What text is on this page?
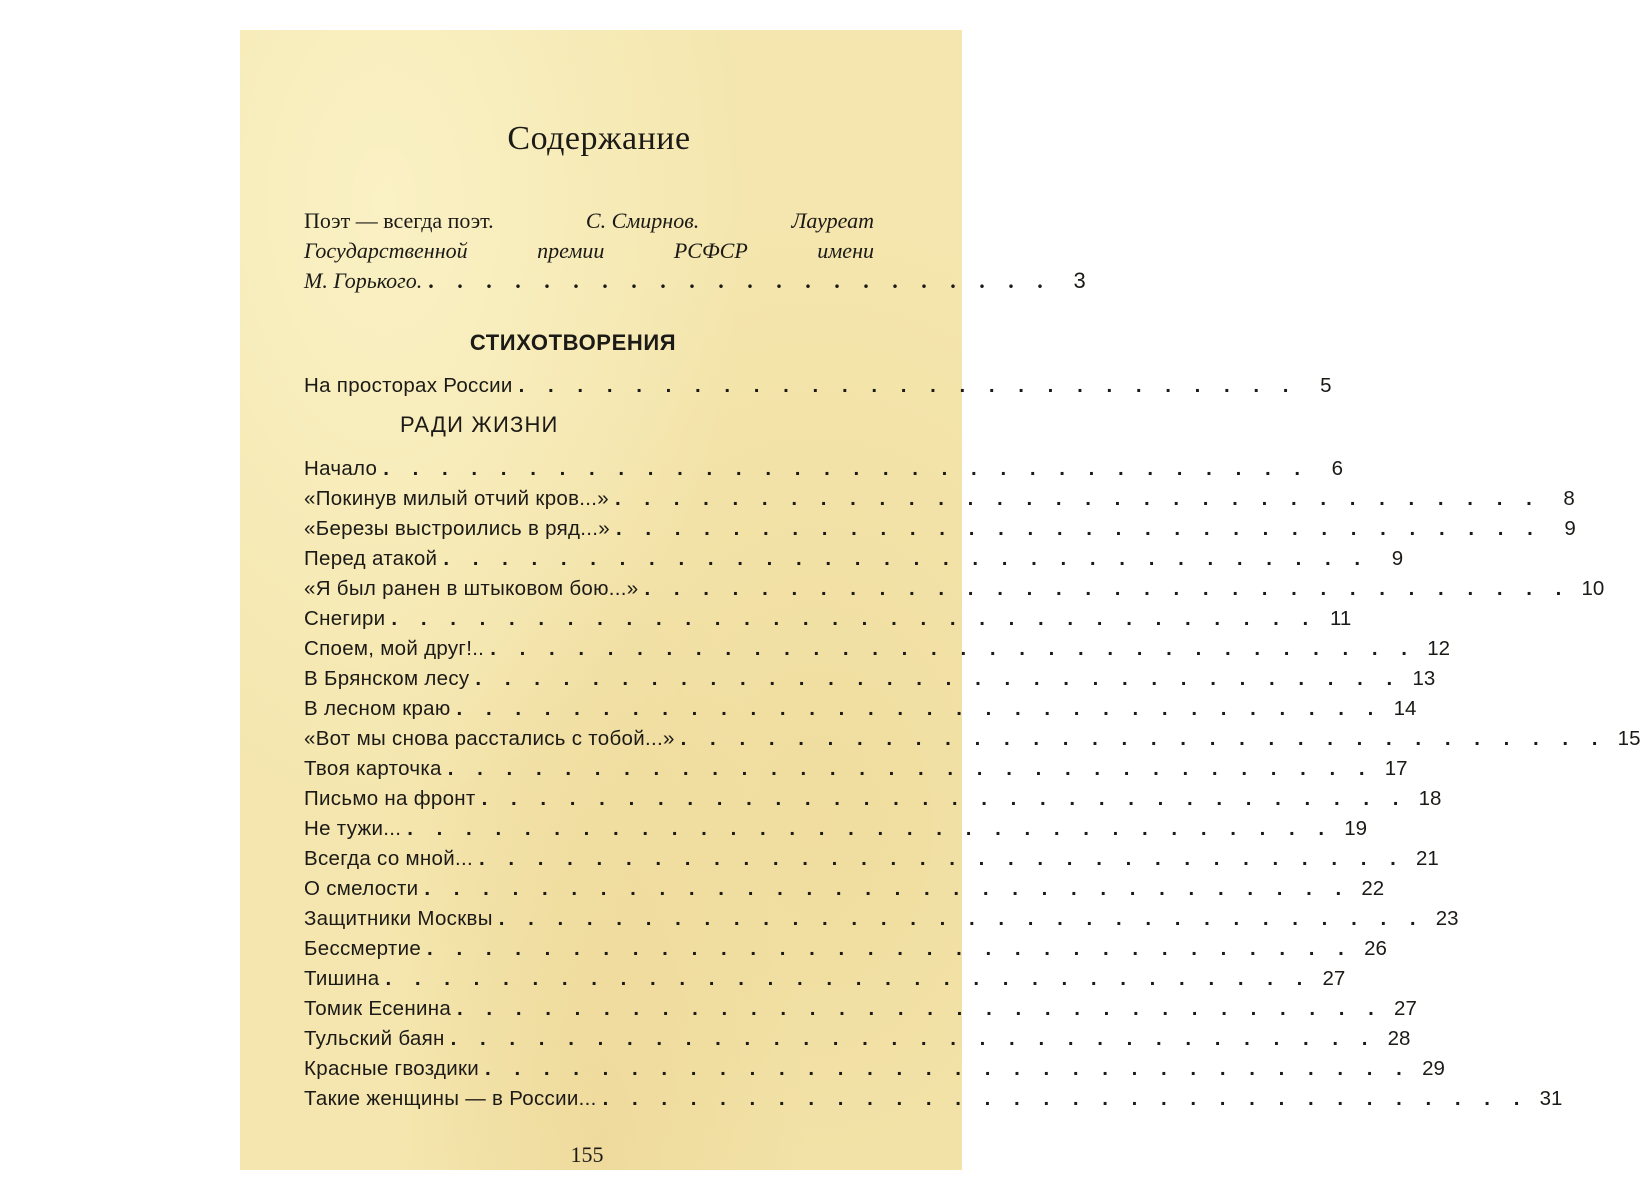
Содержание
Поэт — всегда поэт.	С. Смирнов.	Лауреат
Государственной	премии	РСФСР	имени
М. Горького. . . . . . . . . . . . . . . . . . . . . . . 3
СТИХОТВОРЕНИЯ
На просторах России . . . . . . . . . . . . . . . . . . . . . . . . . . .	5
РАДИ ЖИЗНИ
Начало . . . . . . . . . . . . . . . . . . . . . . . . . . . . . . . .	6
«Покинув милый отчий кров...» . . . . . . . . . . . . . . . . . . . . . . . . . . . . . . . .	8
«Березы выстроились в ряд...» . . . . . . . . . . . . . . . . . . . . . . . . . . . . . . . .	9
Перед атакой . . . . . . . . . . . . . . . . . . . . . . . . . . . . . . . .	9
«Я был ранен в штыковом бою...» . . . . . . . . . . . . . . . . . . . . . . . . . . . . . . . . 10
Снегири . . . . . . . . . . . . . . . . . . . . . . . . . . . . . . . . 11
Споем, мой друг!.. . . . . . . . . . . . . . . . . . . . . . . . . . . . . . . . . 12
В Брянском лесу . . . . . . . . . . . . . . . . . . . . . . . . . . . . . . . . 13
В лесном краю . . . . . . . . . . . . . . . . . . . . . . . . . . . . . . . . 14
«Вот мы снова расстались с тобой...» . . . . . . . . . . . . . . . . . . . . . . . . . . . . . . . . 15
Твоя карточка . . . . . . . . . . . . . . . . . . . . . . . . . . . . . . . . 17
Письмо на фронт . . . . . . . . . . . . . . . . . . . . . . . . . . . . . . . . 18
Не тужи... . . . . . . . . . . . . . . . . . . . . . . . . . . . . . . . . 19
Всегда со мной... . . . . . . . . . . . . . . . . . . . . . . . . . . . . . . . . 21
О смелости . . . . . . . . . . . . . . . . . . . . . . . . . . . . . . . . 22
Защитники Москвы . . . . . . . . . . . . . . . . . . . . . . . . . . . . . . . . 23
Бессмертие . . . . . . . . . . . . . . . . . . . . . . . . . . . . . . . . 26
Тишина . . . . . . . . . . . . . . . . . . . . . . . . . . . . . . . . 27
Томик Есенина . . . . . . . . . . . . . . . . . . . . . . . . . . . . . . . . 27
Тульский баян . . . . . . . . . . . . . . . . . . . . . . . . . . . . . . . . 28
Красные гвоздики . . . . . . . . . . . . . . . . . . . . . . . . . . . . . . . . 29
Такие женщины — в России... . . . . . . . . . . . . . . . . . . . . . . . . . . . . . . . . 31
155
